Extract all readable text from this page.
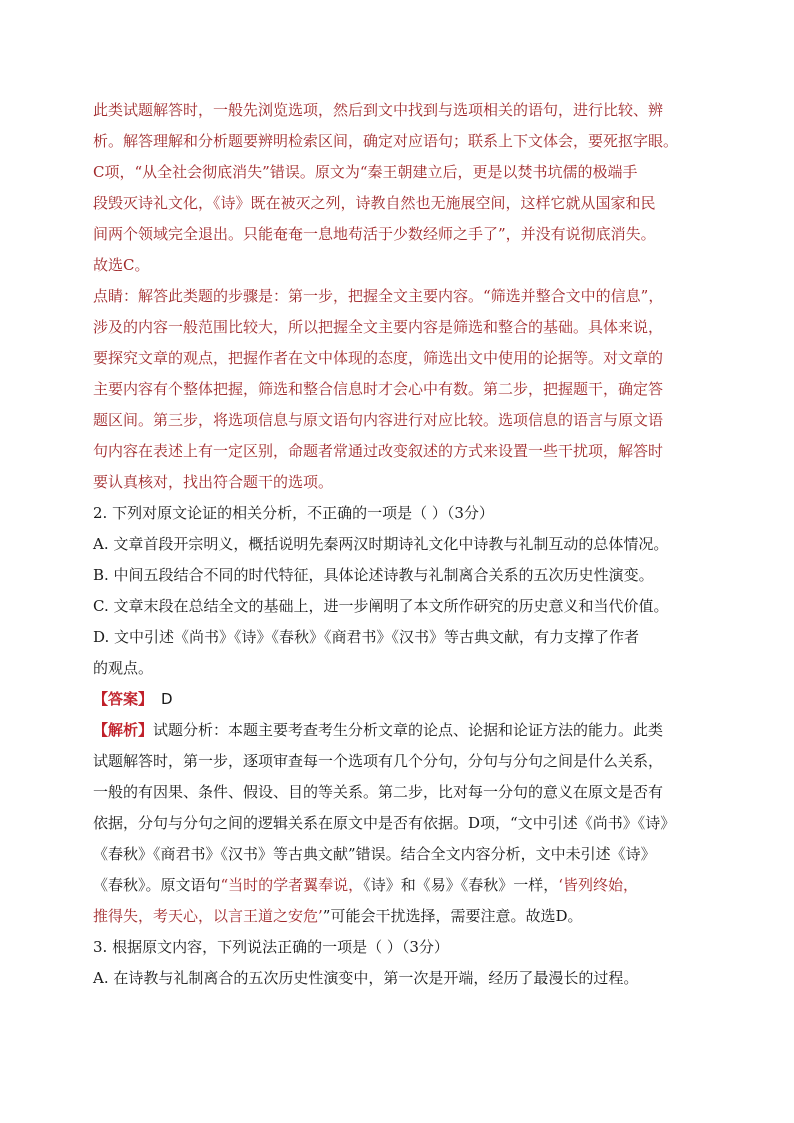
此类试题解答时，一般先浏览选项，然后到文中找到与选项相关的语句，进行比较、辨
析。解答理解和分析题要辨明检索区间，确定对应语句；联系上下文体会，要死抠字眼。
C项，“从全社会彻底消失”错误。原文为“秦王朝建立后，更是以焚书坑儒的极端手
段毁灭诗礼文化，《诗》既在被灭之列，诗教自然也无施展空间，这样它就从国家和民
间两个领域完全退出。只能奄奄一息地苟活于少数经师之手了”，并没有说彻底消失。
故选C。
点睛：解答此类题的步骤是：第一步，把握全文主要内容。“筛选并整合文中的信息”，
涉及的内容一般范围比较大，所以把握全文主要内容是筛选和整合的基础。具体来说，
要探究文章的观点，把握作者在文中体现的态度，筛选出文中使用的论据等。对文章的
主要内容有个整体把握，筛选和整合信息时才会心中有数。第二步，把握题干，确定答
题区间。第三步，将选项信息与原文语句内容进行对应比较。选项信息的语言与原文语
句内容在表述上有一定区别，命题者常通过改变叙述的方式来设置一些干扰项，解答时
要认真核对，找出符合题干的选项。
2. 下列对原文论证的相关分析，不正确的一项是（ ）（3分）
A. 文章首段开宗明义，概括说明先秦两汉时期诗礼文化中诗教与礼制互动的总体情况。
B. 中间五段结合不同的时代特征，具体论述诗教与礼制离合关系的五次历史性演变。
C. 文章末段在总结全文的基础上，进一步阐明了本文所作研究的历史意义和当代价值。
D. 文中引述《尚书》《诗》《春秋》《商君书》《汉书》等古典文献，有力支撑了作者
的观点。
【答案】 D
【解析】试题分析：本题主要考查考生分析文章的论点、论据和论证方法的能力。此类
试题解答时，第一步，逐项审查每一个选项有几个分句，分句与分句之间是什么关系，
一般的有因果、条件、假设、目的等关系。第二步，比对每一分句的意义在原文是否有
依据，分句与分句之间的逻辑关系在原文中是否有依据。D项，“文中引述《尚书》《诗》
《春秋》《商君书》《汉书》等古典文献”错误。结合全文内容分析，文中未引述《诗》
《春秋》。原文语句“当时的学者翼奉说，《诗》和《易》《春秋》一样，‘皆列终始，
推得失，考天心，以言王道之安危’”可能会干扰选择，需要注意。故选D。
3. 根据原文内容，下列说法正确的一项是（ ）（3分）
A. 在诗教与礼制离合的五次历史性演变中，第一次是开端，经历了最漫长的过程。
